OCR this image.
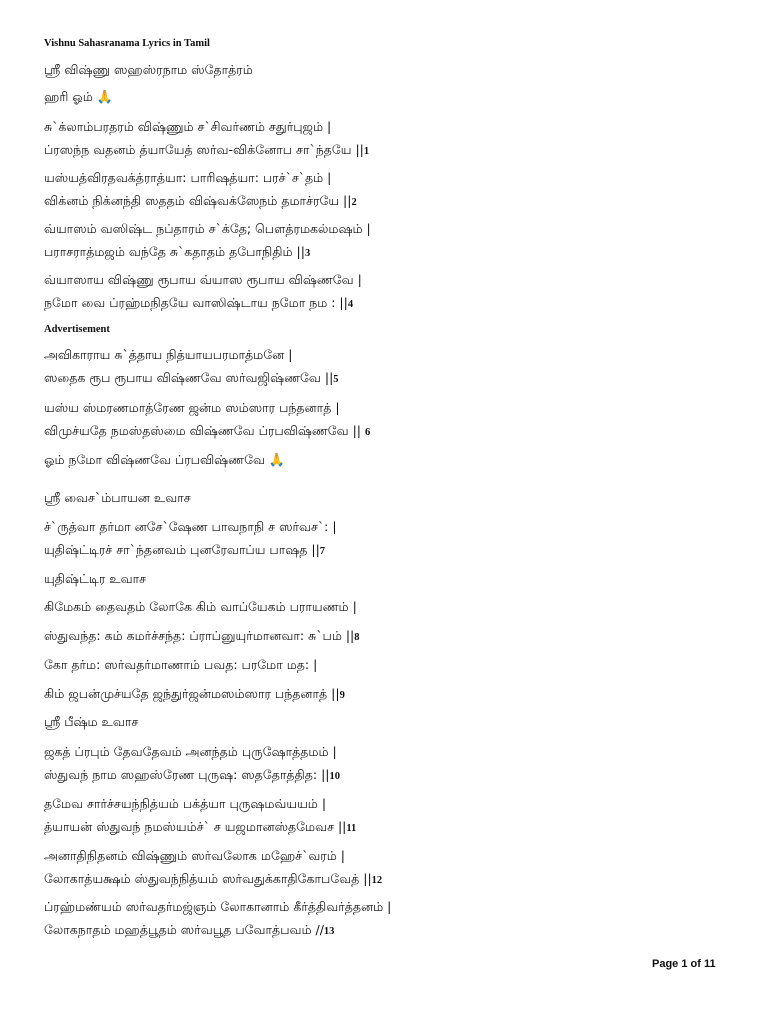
Vishnu Sahasranama Lyrics in Tamil
ஸ்ரீ விஷ்ணு ஸஹஸ்ரநாம ஸ்தோத்ரம்
ஹரி ஓம் 🙏
சு`க்லாம்பரதரம் விஷ்ணும் ச`சிவர்ணம் சதுர்புஜம் |
ப்ரஸந்ந வதனம் த்யாயேத் ஸர்வ-விக்னோப சா`ந்தயே ||1
யஸ்யத்விரதவக்த்ராத்யா: பாரிஷத்யா: பரச்`ச`தம் |
விக்னம் நிக்னந்தி ஸததம் விஷ்வக்ஸேநம் தமாச்ரயே ||2
வ்யாஸம் வஸிஷ்ட நப்தாரம் ச`க்தே; பௌத்ரமகல்மஷம் |
பராசராத்மஜம் வந்தே சு`கதாதம் தபோநிதிம் ||3
வ்யாஸாய விஷ்ணு ரூபாய வ்யாஸ ரூபாய விஷ்ணவே |
நமோ வை ப்ரஹ்மநிதயே வாஸிஷ்டாய நமோ நம : ||4
Advertisement
அவிகாராய சு`த்தாய நித்யாயபரமாத்மனே |
ஸதைக ரூப ரூபாய விஷ்ணவே ஸர்வஜிஷ்ணவே ||5
யஸ்ய ஸ்மரணமாத்ரேண ஜன்ம ஸம்ஸார பந்தனாத் |
விமுச்யதே நமஸ்தஸ்மை விஷ்ணவே ப்ரபவிஷ்ணவே || 6
ஓம் நமோ விஷ்ணவே ப்ரபவிஷ்ணவே 🙏
ஸ்ரீ வைச`ம்பாயன உவாச
ச்`ருத்வா தர்மா னசே`ஷேண பாவநாநி ச ஸர்வச`: |
யுதிஷ்ட்டிரச் சா`ந்தனவம் புனரேவாப்ய பாஷத ||7
யுதிஷ்ட்டிர உவாச
கிமேகம் தைவதம் லோகே கிம் வாப்யேகம் பராயணம் |
ஸ்துவந்த: கம் கமர்ச்சந்த: ப்ராப்னுயுர்மானவா: சு`பம் ||8
கோ தர்ம: ஸர்வதர்மாணாம் பவத: பரமோ மத: |
கிம் ஜபன்முச்யதே ஜந்துர்ஜன்மஸம்ஸார பந்தனாத் ||9
ஸ்ரீ பீஷ்ம உவாச
ஜகத் ப்ரபும் தேவதேவம் அனந்தம் புருஷோத்தமம் |
ஸ்துவந் நாம ஸஹஸ்ரேண புருஷ: ஸததோத்தித: ||10
தமேவ சார்ச்சயந்நித்யம் பக்த்யா புருஷமவ்யயம் |
த்யாயன் ஸ்துவந் நமஸ்யம்ச்` ச யஜமானஸ்தமேவச ||11
அனாதிநிதனம் விஷ்ணும் ஸர்வலோக மஹேச்`வரம் |
லோகாத்யக்ஷம் ஸ்துவந்நித்யம் ஸர்வதுக்காதிகோபவேத் ||12
ப்ரஹ்மண்யம் ஸர்வதர்மஜ்ஞம் லோகானாம் கீர்த்திவர்த்தனம் |
லோகநாதம் மஹத்பூதம் ஸர்வபூத பவோத்பவம் //13
Page 1 of 11
